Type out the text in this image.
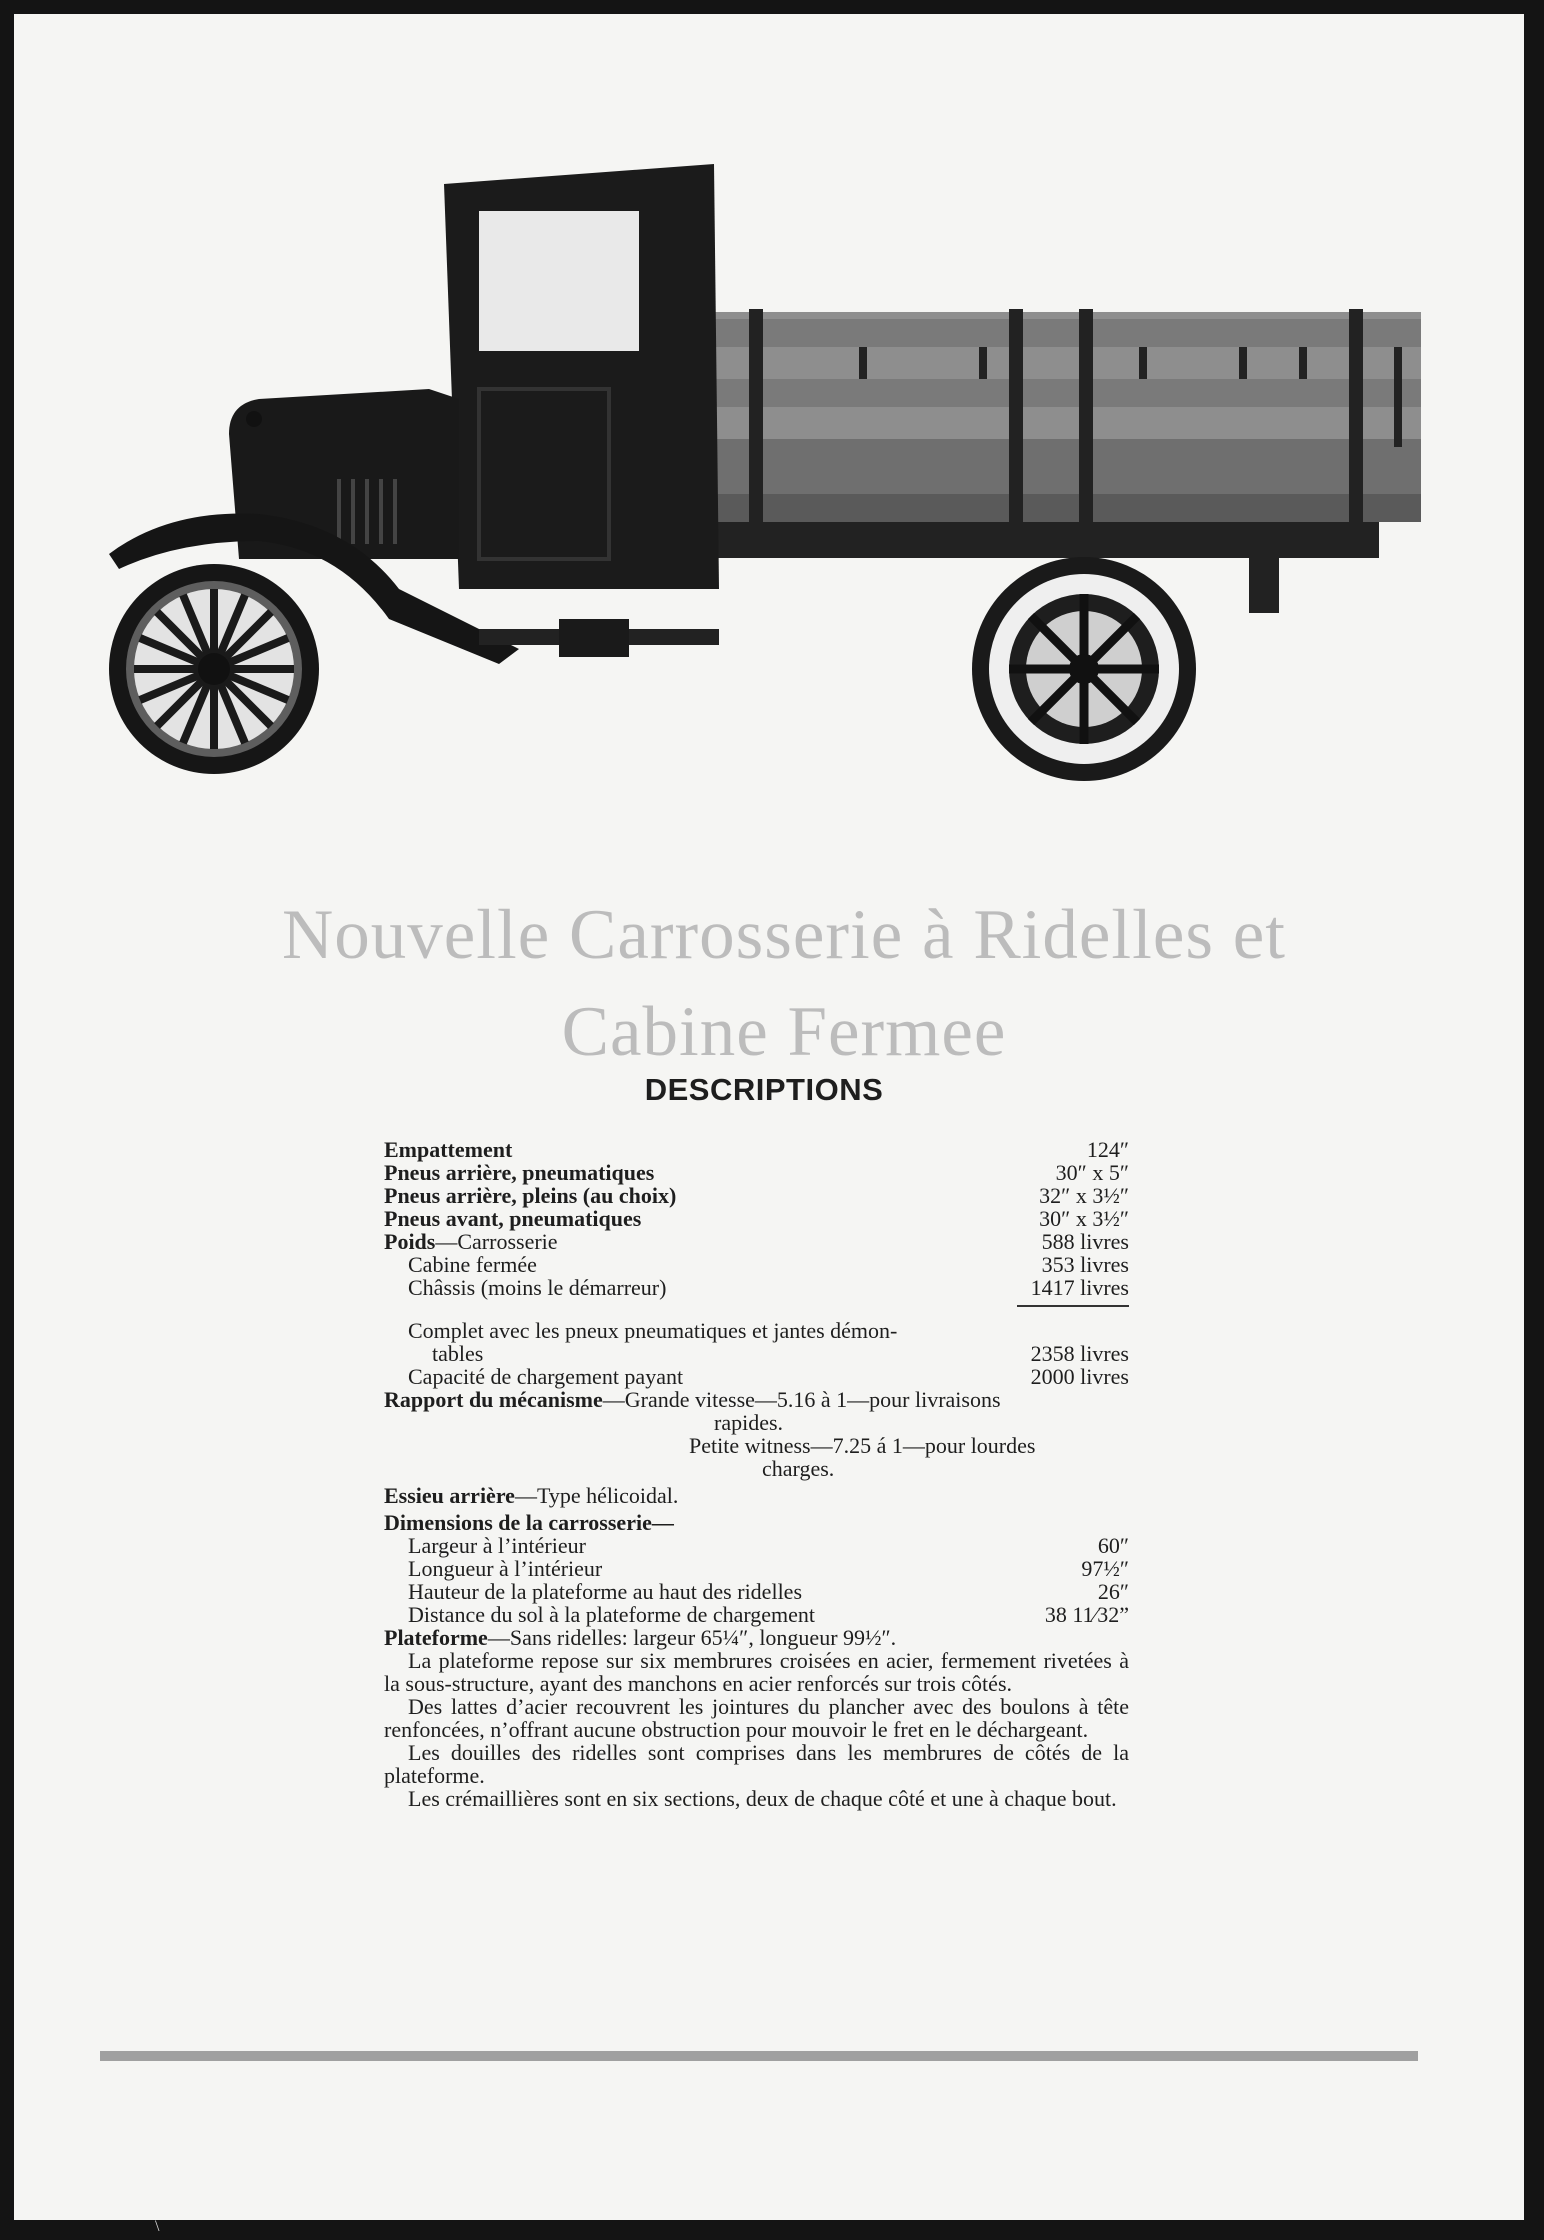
Nouvelle Carrosserie à Ridelles et
Cabine Fermee
DESCRIPTIONS
Empattement	124″
Pneus arrière, pneumatiques	30″ x 5″
Pneus arrière, pleins (au choix)	32″ x 3½″
Pneus avant, pneumatiques	30″ x 3½″
Poids—Carrosserie	588 livres
Cabine fermée	353 livres
Châssis (moins le démarreur)	1417 livres
Complet avec les pneux pneumatiques et jantes démon-
tables	2358 livres
Capacité de chargement payant	2000 livres
Rapport du mécanisme —Grande vitesse—5.16 à 1—pour livraisons
rapides.
Petite witness—7.25 á 1—pour lourdes
charges.
Essieu arrière —Type hélicoidal.
Dimensions de la carrosserie—
Largeur à l’intérieur	60″
Longueur à l’intérieur	97½″
Hauteur de la plateforme au haut des ridelles	26″
Distance du sol à la plateforme de chargement	38 11⁄32”
Plateforme —Sans ridelles: largeur 65¼″, longueur 99½″.

La plateforme repose sur six membrures croisées en acier, fermement rivetées à la sous-structure, ayant des manchons en acier renforcés sur trois côtés.

Des lattes d’acier recouvrent les jointures du plancher avec des boulons à tête renfoncées, n’offrant aucune obstruction pour mouvoir le fret en le déchargeant.

Les douilles des ridelles sont comprises dans les membrures de côtés de la plateforme.

Les crémaillières sont en six sections, deux de chaque côté et une à chaque bout.

\
